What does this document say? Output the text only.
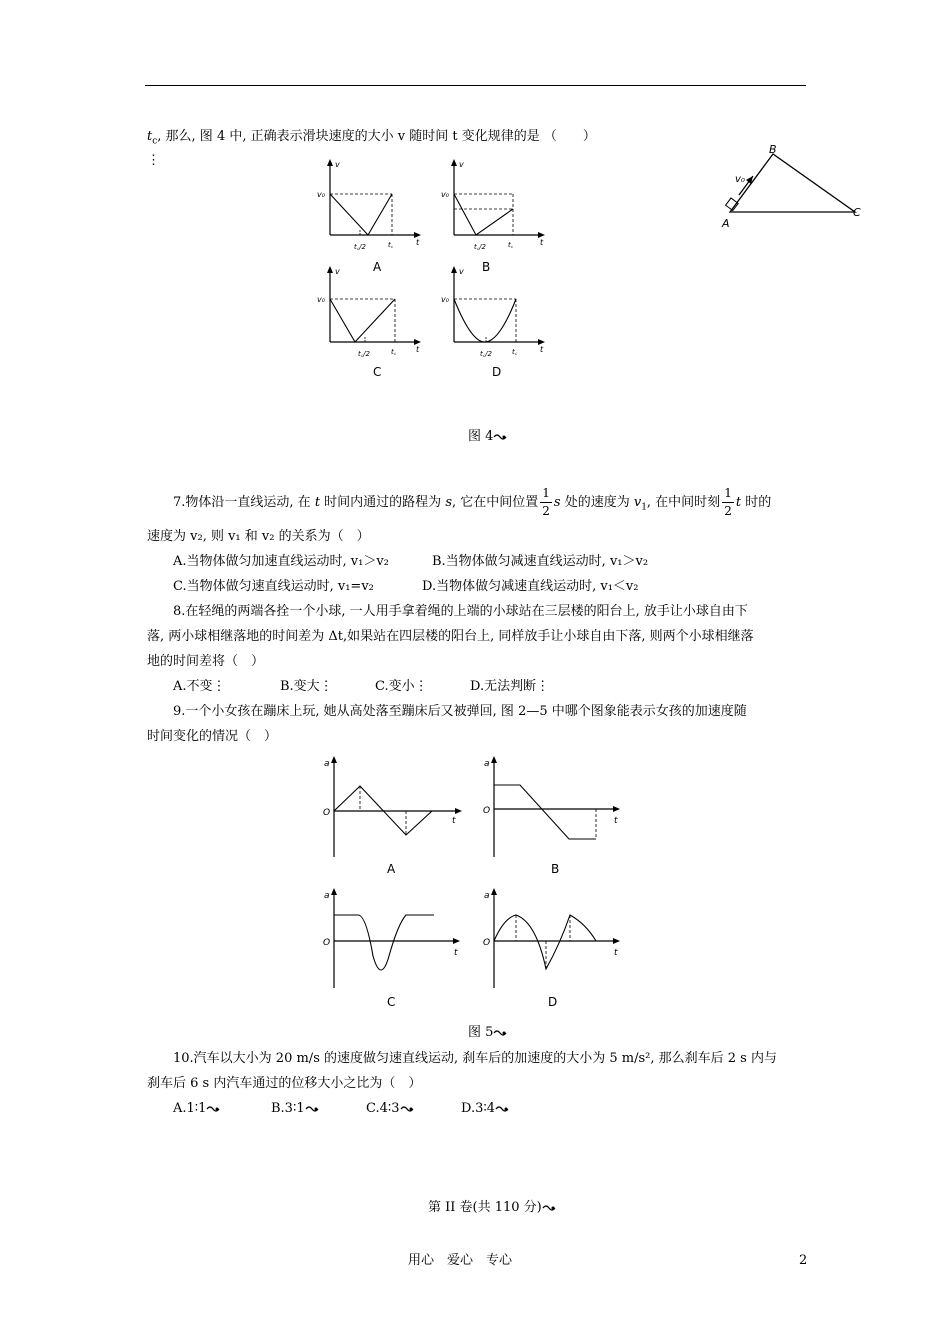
$t_c$, 那么, 图 4 中, 正确表示滑块速度的大小 v 随时间 t 变化规律的是 （　　）
⋮
B
A
C
v₀
v
v₀
t
t꜀/2	t꜀
A
v
v₀
t
t꜀/2	t꜀
B
v
v₀
t
t꜀/2	t꜀
C
v
v₀
t
t꜀/2	t꜀
D
图 4
7.物体沿一直线运动, 在 t 时间内通过的路程为 s, 它在中间位置 $\frac{1}{2}$ s 处的速度为 $v_1$, 在中间时刻 $\frac{1}{2}$ t 时的
速度为 v₂, 则 v₁ 和 v₂ 的关系为（　）
A.当物体做匀加速直线运动时, v₁＞v₂	B.当物体做匀减速直线运动时, v₁＞v₂
C.当物体做匀速直线运动时, v₁=v₂	D.当物体做匀减速直线运动时, v₁＜v₂
8.在轻绳的两端各拴一个小球, 一人用手拿着绳的上端的小球站在三层楼的阳台上, 放手让小球自由下
落, 两小球相继落地的时间差为 Δt,如果站在四层楼的阳台上, 同样放手让小球自由下落, 则两个小球相继落
地的时间差将（　）
A.不变⋮	B.变大⋮	C.变小⋮	D.无法判断⋮
9.一个小女孩在蹦床上玩, 她从高处落至蹦床后又被弹回, 图 2—5 中哪个图象能表示女孩的加速度随
时间变化的情况（　）
a
O
t
A
a
O
t
B
a
O
t
C
a
O
t
D
图 5
10.汽车以大小为 20 m/s 的速度做匀速直线运动, 刹车后的加速度的大小为 5 m/s², 那么刹车后 2 s 内与
刹车后 6 s 内汽车通过的位移大小之比为（　）
A.1∶1	B.3∶1	C.4∶3	D.3∶4
第 II 卷(共 110 分)
用心　爱心　专心	2
